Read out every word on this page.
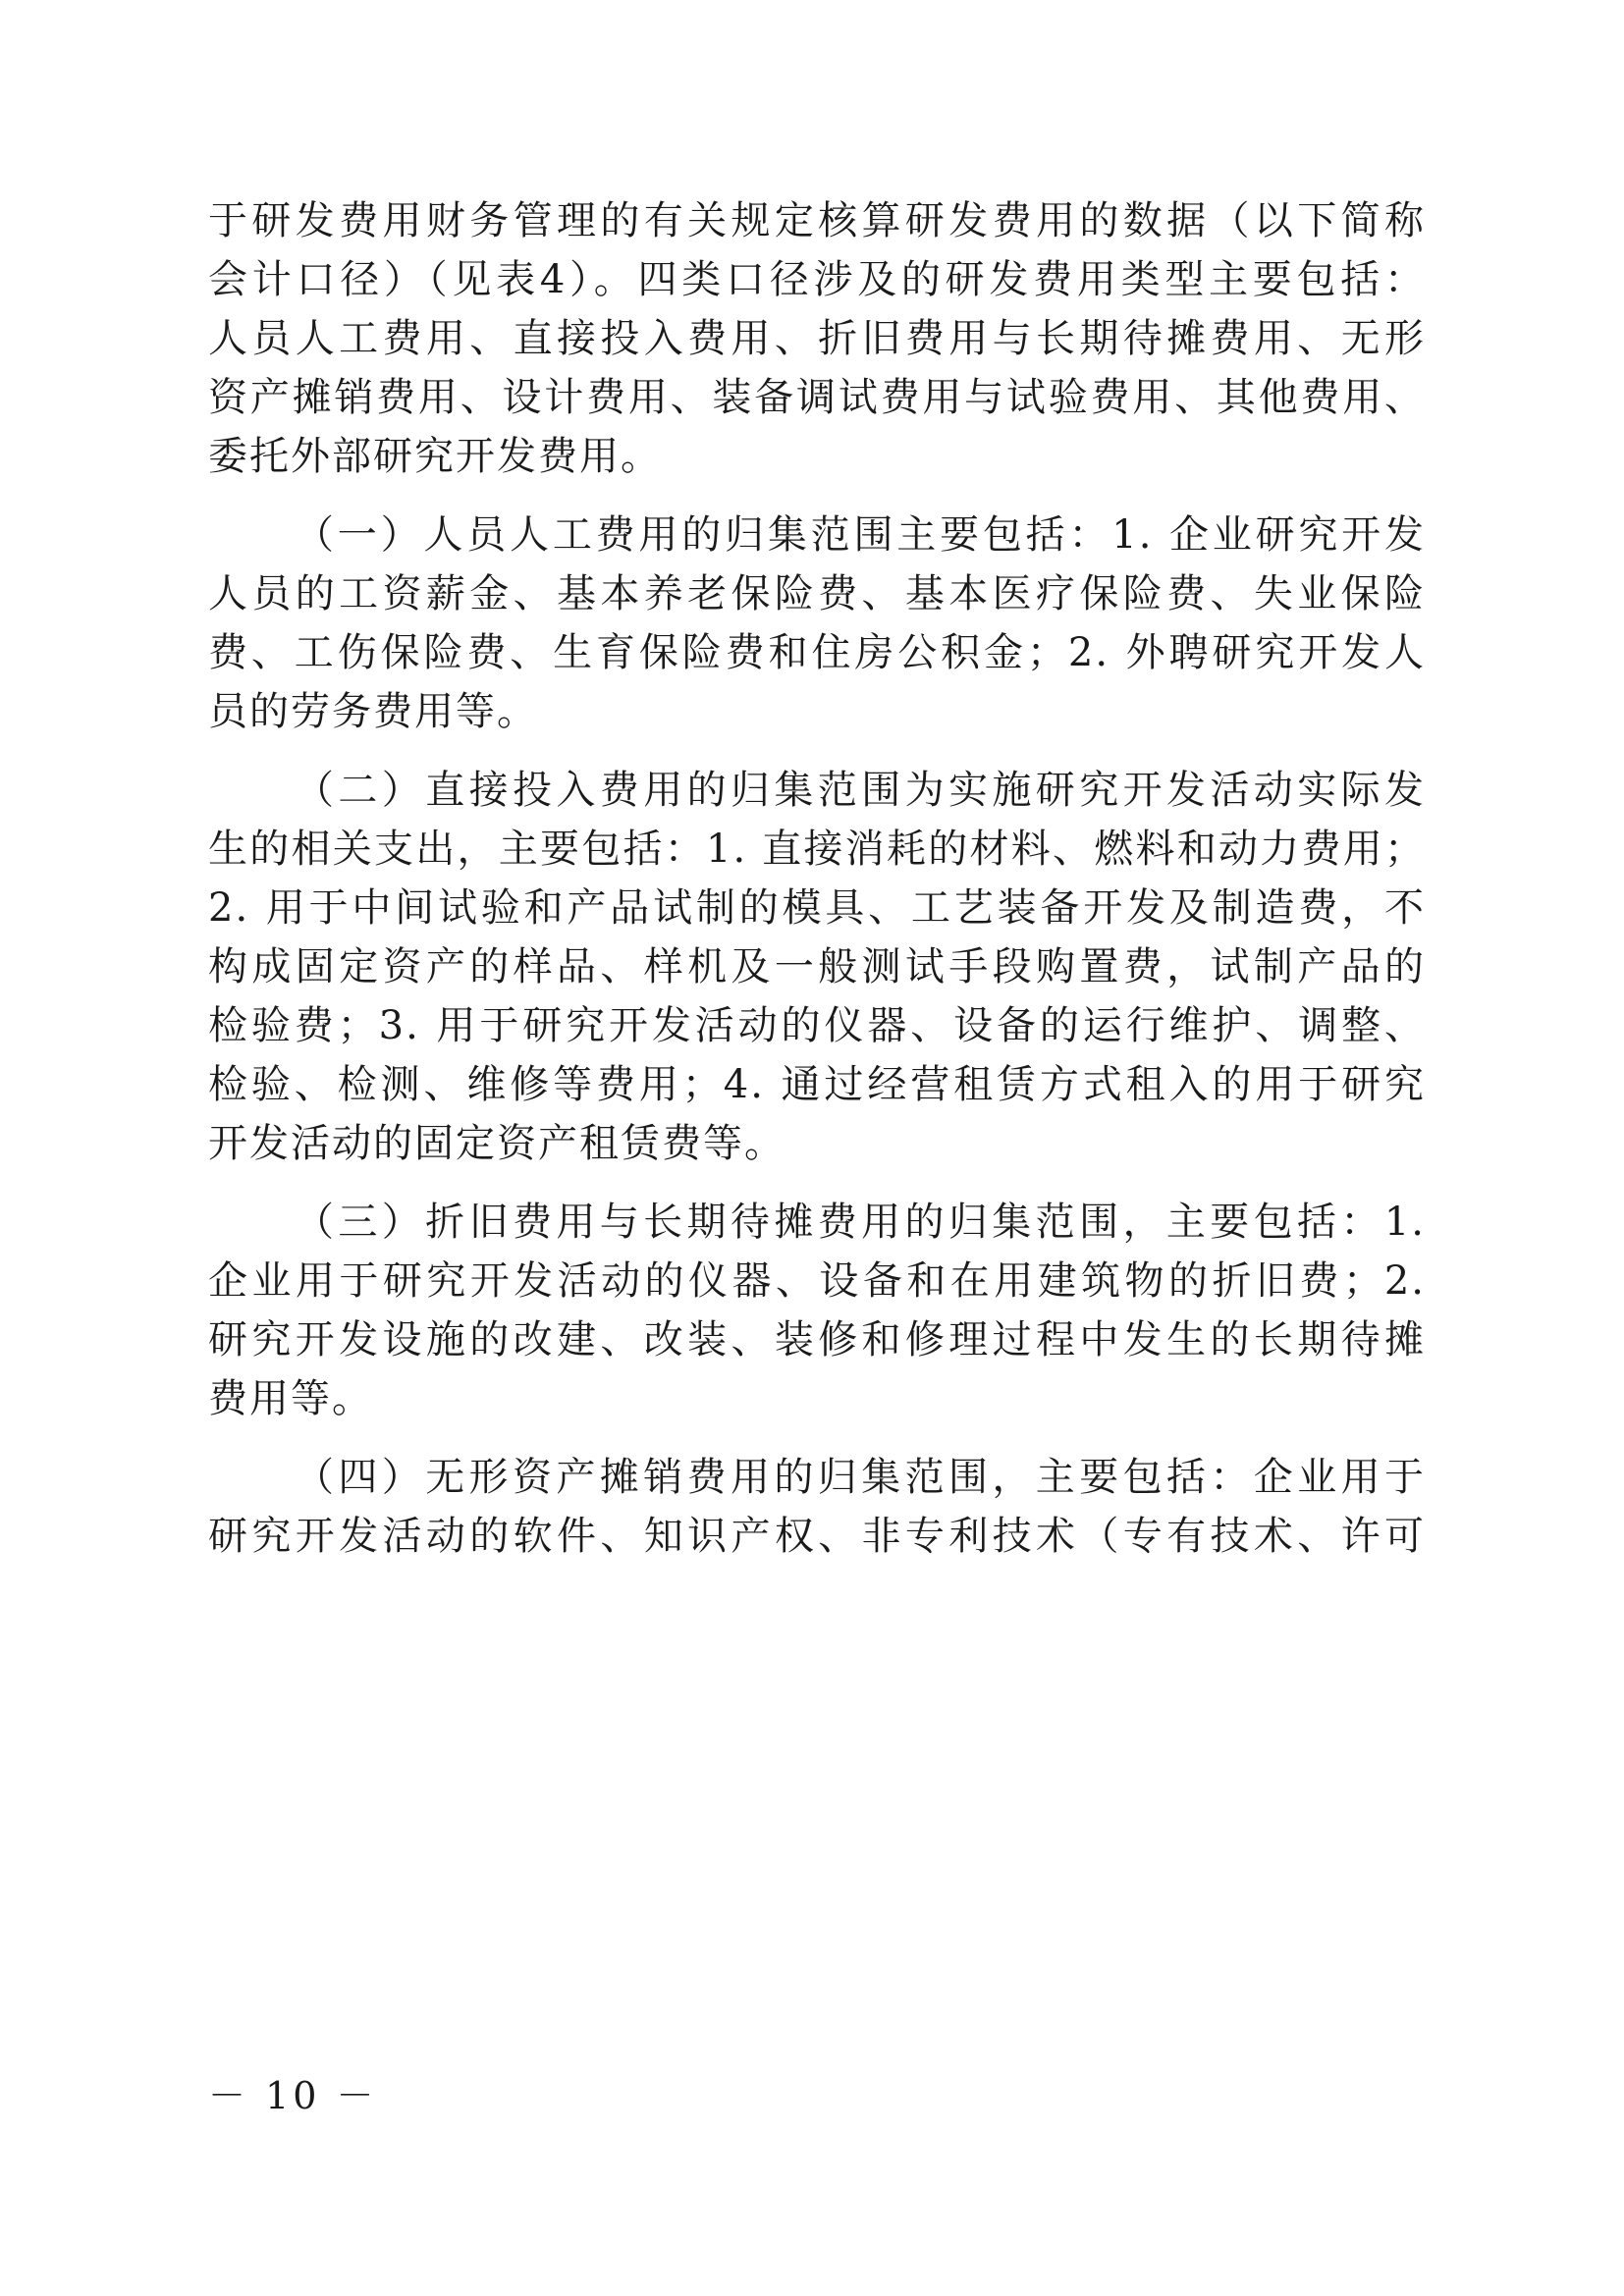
于研发费用财务管理的有关规定核算研发费用的数据（以下简称
会计口径）（见表4）。四类口径涉及的研发费用类型主要包括：
人员人工费用、直接投入费用、折旧费用与长期待摊费用、无形
资产摊销费用、设计费用、装备调试费用与试验费用、其他费用、
委托外部研究开发费用。
（一）人员人工费用的归集范围主要包括：1. 企业研究开发
人员的工资薪金、基本养老保险费、基本医疗保险费、失业保险
费、工伤保险费、生育保险费和住房公积金；2. 外聘研究开发人
员的劳务费用等。
（二）直接投入费用的归集范围为实施研究开发活动实际发
生的相关支出，主要包括：1. 直接消耗的材料、燃料和动力费用；
2. 用于中间试验和产品试制的模具、工艺装备开发及制造费，不
构成固定资产的样品、样机及一般测试手段购置费，试制产品的
检验费；3. 用于研究开发活动的仪器、设备的运行维护、调整、
检验、检测、维修等费用；4. 通过经营租赁方式租入的用于研究
开发活动的固定资产租赁费等。
（三）折旧费用与长期待摊费用的归集范围，主要包括：1.
企业用于研究开发活动的仪器、设备和在用建筑物的折旧费；2.
研究开发设施的改建、改装、装修和修理过程中发生的长期待摊
费用等。
（四）无形资产摊销费用的归集范围，主要包括：企业用于
研究开发活动的软件、知识产权、非专利技术（专有技术、许可
－ 10 －
